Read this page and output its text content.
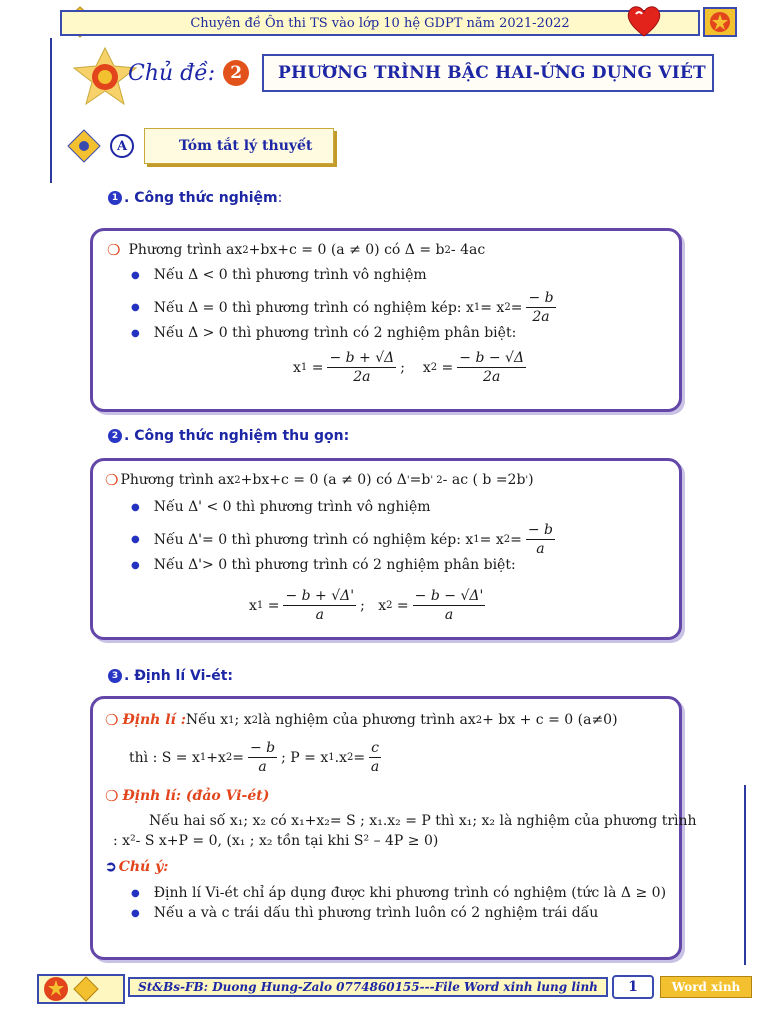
Chuyên đề Ôn thi TS vào lớp 10 hệ GDPT năm 2021-2022
Chủ đề: 2	PHƯƠNG TRÌNH BẬC HAI-ỨNG DỤNG VIÉT
A	Tóm tắt lý thuyết
1 . Công thức nghiệm :
❍ Phương trình ax 2 +bx+c = 0 (a ≠ 0) có Δ = b 2 - 4ac
● Nếu Δ < 0 thì phương trình vô nghiệm
● Nếu Δ = 0 thì phương trình có nghiệm kép: x 1 = x $2 = \frac{- b}{2a}$
● Nếu Δ > 0 thì phương trình có 2 nghiệm phân biệt:
x $1 = \frac{- b + √\Delta}{2a}$ ; x $2 = \frac{- b - √\Delta}{2a}$
2 . Công thức nghiệm thu gọn:
❍ Phương trình ax 2 +bx+c = 0 (a ≠ 0) có Δ ' =b ' 2 - ac ( b =2b ' )
● Nếu Δ' < 0 thì phương trình vô nghiệm
● Nếu Δ'= 0 thì phương trình có nghiệm kép: x 1 = x $2 = \frac{- b}{a}$
● Nếu Δ'> 0 thì phương trình có 2 nghiệm phân biệt:
x $1 = \frac{- b + √\Delta'}{a}$ ; x $2 = \frac{- b - √\Delta'}{a}$
3 . Định lí Vi-ét:
❍ Định lí : Nếu x 1 ; x 2 là nghiệm của phương trình ax 2 + bx + c = 0 (a≠0)
thì : S = x 1 +x $2 = \frac{- b}{a}$ ; P = x 1 .x $2 = \frac{c}{a}$
❍ Định lí: (đảo Vi-ét)
Nếu hai số x₁; x₂ có x₁+x₂= S ; x₁.x₂ = P thì x₁; x₂ là nghiệm của phương trình
: x²- S x+P = 0, (x₁ ; x₂ tồn tại khi S² – 4P ≥ 0)
➲ Chú ý:
● Định lí Vi-ét chỉ áp dụng được khi phương trình có nghiệm (tức là Δ ≥ 0)
● Nếu a và c trái dấu thì phương trình luôn có 2 nghiệm trái dấu
St&Bs-FB: Duong Hung-Zalo 0774860155---File Word xinh lung linh	1	Word xinh
